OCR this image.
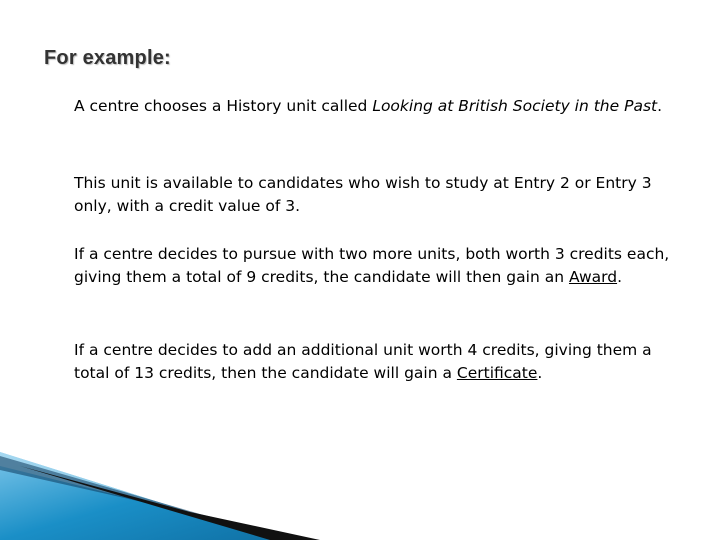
For example:

A centre chooses a History unit called Looking at British Society in the Past.

This unit is available to candidates who wish to study at Entry 2 or Entry 3 only, with a credit value of 3.

If a centre decides to pursue with two more units, both worth 3 credits each, giving them a total of 9 credits, the candidate will then gain an Award.

If a centre decides to add an additional unit worth 4 credits, giving them a total of 13 credits, then the candidate will gain a Certificate.
